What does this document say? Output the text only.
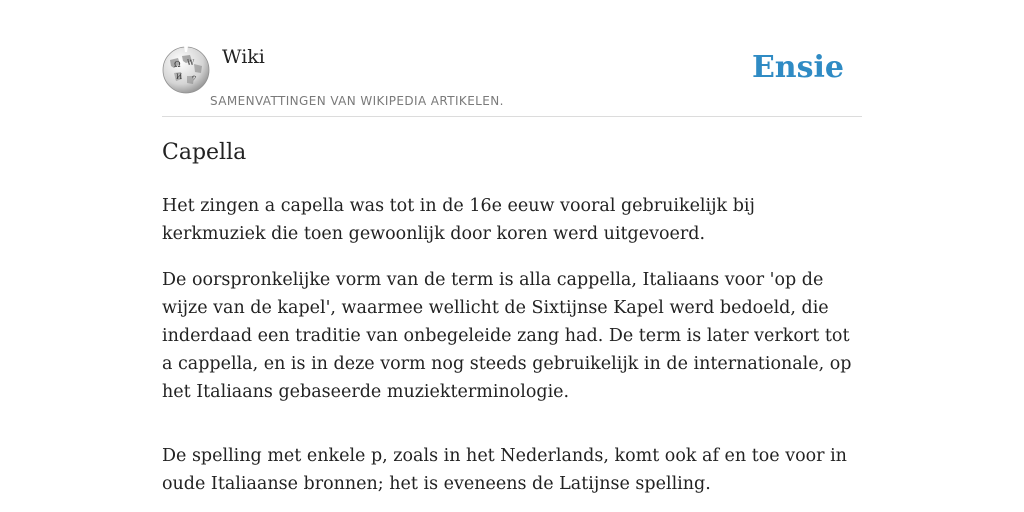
Ω W
И ウ
Wiki
SAMENVATTINGEN VAN WIKIPEDIA ARTIKELEN.
Ensie
Capella

Het zingen a capella was tot in de 16e eeuw vooral gebruikelijk bij kerkmuziek die toen gewoonlijk door koren werd uitgevoerd.

De oorspronkelijke vorm van de term is alla cappella, Italiaans voor 'op de wijze van de kapel', waarmee wellicht de Sixtijnse Kapel werd bedoeld, die inderdaad een traditie van onbegeleide zang had. De term is later verkort tot a cappella, en is in deze vorm nog steeds gebruikelijk in de internationale, op het Italiaans gebaseerde muziekterminologie.

De spelling met enkele p, zoals in het Nederlands, komt ook af en toe voor in oude Italiaanse bronnen; het is eveneens de Latijnse spelling.
